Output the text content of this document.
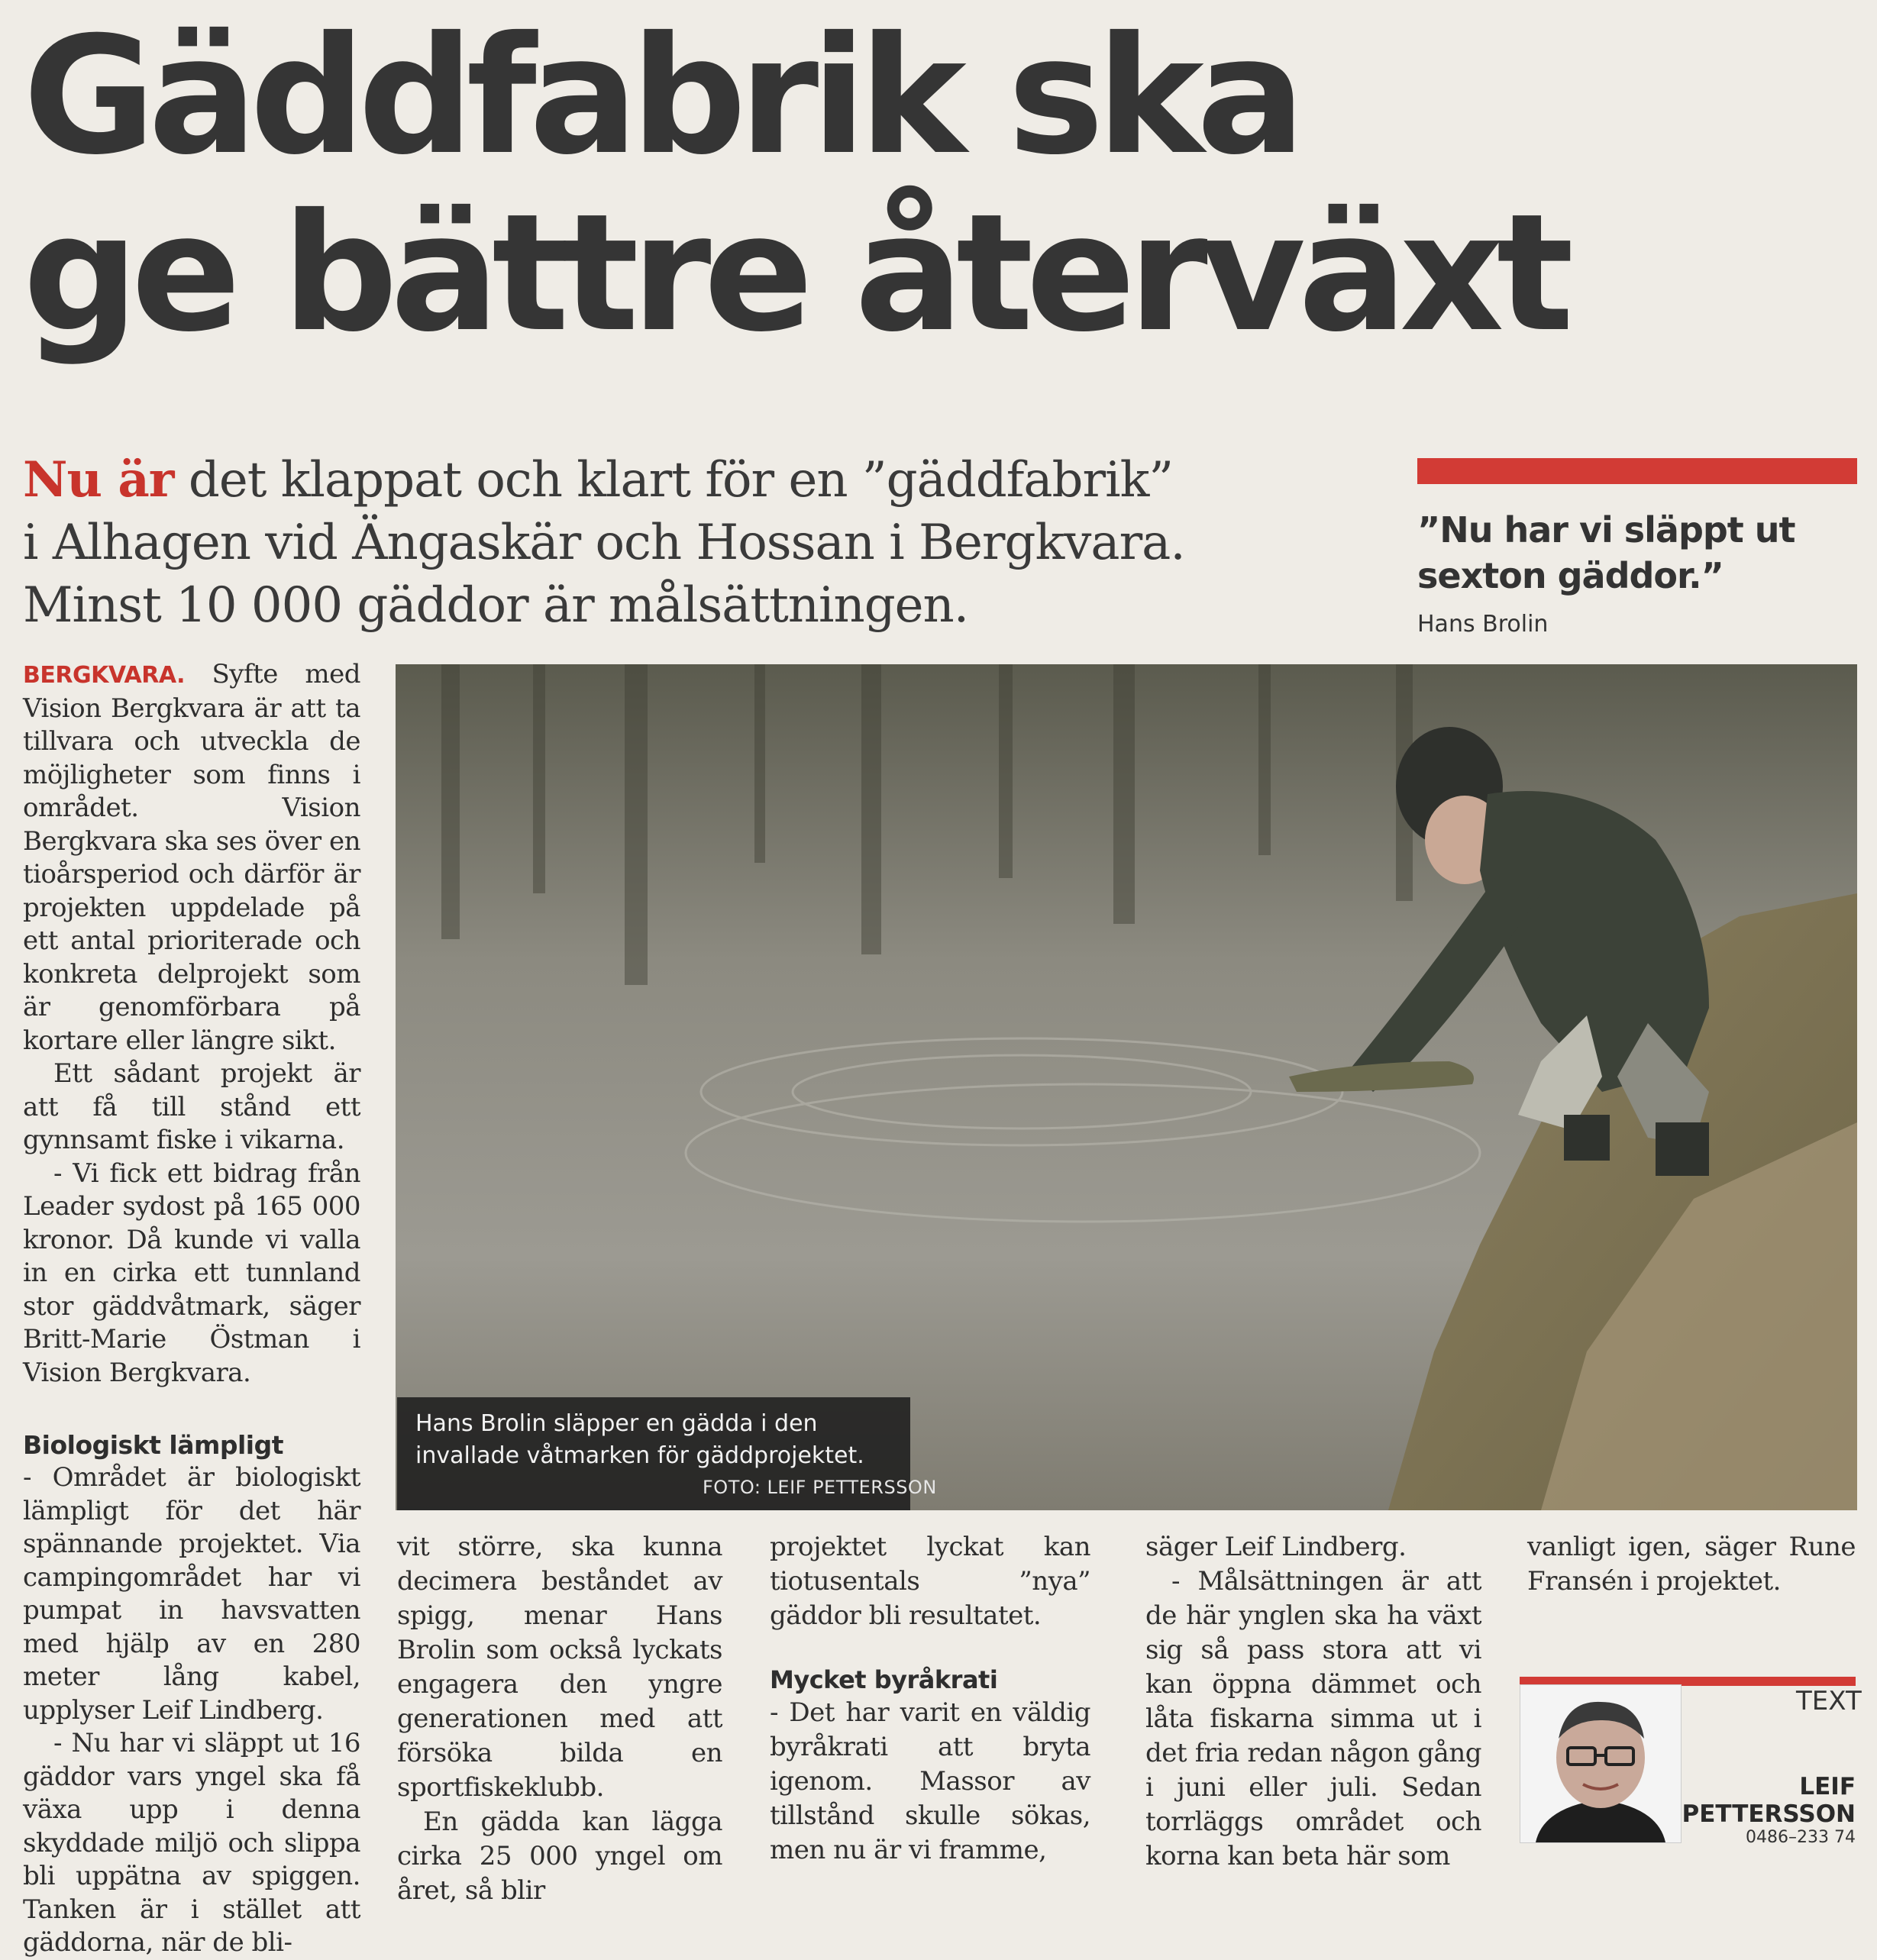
Gäddfabrik ska
ge bättre återväxt
Nu är det klappat och klart för en ”gäddfabrik”
i Alhagen vid Ängaskär och Hossan i Bergkvara.
Minst 10 000 gäddor är målsättningen.
”Nu har vi släppt ut sexton gäddor.”
Hans Brolin

BERGKVARA. Syfte med Vision Bergkvara är att ta tillvara och utveckla de möjligheter som finns i området. Vision Bergkvara ska ses över en tioårsperiod och därför är projekten uppdelade på ett antal prioriterade och konkreta delprojekt som är genomförbara på kortare eller längre sikt.

Ett sådant projekt är att få till stånd ett gynnsamt fiske i vikarna.

- Vi fick ett bidrag från Leader sydost på 165 000 kronor. Då kunde vi valla in en cirka ett tunnland stor gäddvåtmark, säger Britt-Marie Östman i Vision Bergkvara.

Biologiskt lämpligt

- Området är biologiskt lämpligt för det här spännande projektet. Via campingområdet har vi pumpat in havsvatten med hjälp av en 280 meter lång kabel, upplyser Leif Lindberg.

- Nu har vi släppt ut 16 gäddor vars yngel ska få växa upp i denna skyddade miljö och slippa bli uppätna av spiggen. Tanken är i stället att gäddorna, när de bli-

Hans Brolin släpper en gädda i den invallade våtmarken för gäddprojektet.
FOTO: LEIF PETTERSSON

vit större, ska kunna decimera beståndet av spigg, menar Hans Brolin som också lyckats engagera den yngre generationen med att försöka bilda en sportfiskeklubb.

En gädda kan lägga cirka 25 000 yngel om året, så blir

projektet lyckat kan tiotusentals ”nya” gäddor bli resultatet.

Mycket byråkrati

- Det har varit en väldig byråkrati att bryta igenom. Massor av tillstånd skulle sökas, men nu är vi framme,

säger Leif Lindberg.

- Målsättningen är att de här ynglen ska ha växt sig så pass stora att vi kan öppna dämmet och låta fiskarna simma ut i det fria redan någon gång i juni eller juli. Sedan torrläggs området och korna kan beta här som

vanligt igen, säger Rune Fransén i projektet.

TEXT
LEIF
PETTERSSON
0486–233 74
